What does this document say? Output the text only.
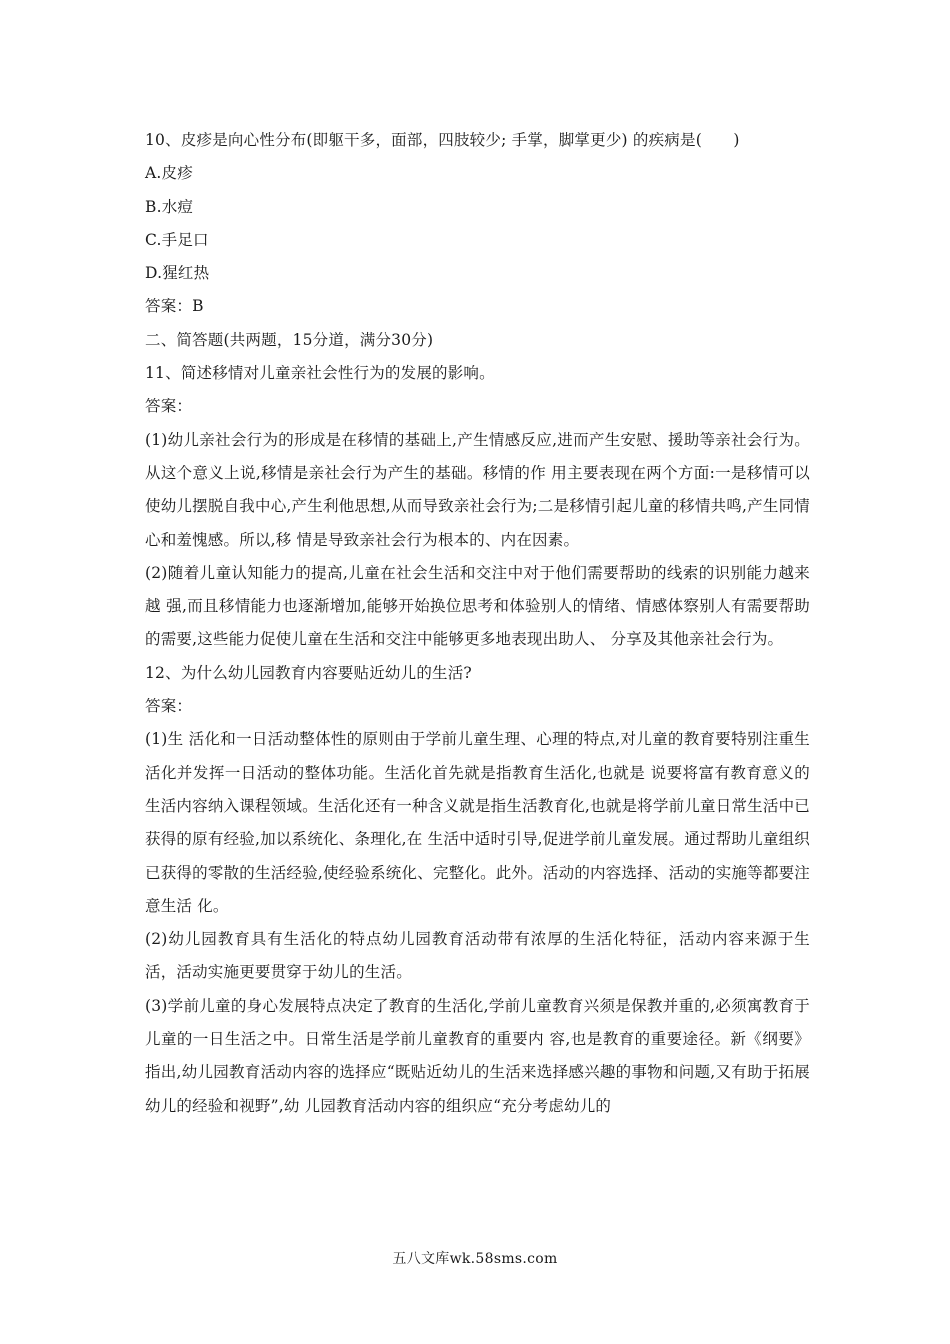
10、皮疹是向心性分布(即躯干多，面部，四肢较少; 手掌，脚掌更少) 的疾病是(　　)
A.皮疹
B.水痘
C.手足口
D.猩红热
答案：B
二、简答题(共两题，15分道，满分30分)
11、简述移情对儿童亲社会性行为的发展的影响。
答案：

(1)幼儿亲社会行为的形成是在移情的基础上,产生情感反应,进而产生安慰、援助等亲社会行为。从这个意义上说,移情是亲社会行为产生的基础。移情的作 用主要表现在两个方面:一是移情可以使幼儿摆脱自我中心,产生利他思想,从而导致亲社会行为;二是移情引起儿童的移情共鸣,产生同情心和羞愧感。所以,移 情是导致亲社会行为根本的、内在因素。

(2)随着儿童认知能力的提高,儿童在社会生活和交注中对于他们需要帮助的线索的识别能力越来越 强,而且移情能力也逐渐增加,能够开始换位思考和体验别人的情绪、情感体察别人有需要帮助的需要,这些能力促使儿童在生活和交注中能够更多地表现出助人、 分享及其他亲社会行为。

12、为什么幼儿园教育内容要贴近幼儿的生活?
答案：

(1)生 活化和一日活动整体性的原则由于学前儿童生理、心理的特点,对儿童的教育要特别注重生活化并发挥一日活动的整体功能。生活化首先就是指教育生活化,也就是 说要将富有教育意义的生活内容纳入课程领域。生活化还有一种含义就是指生活教育化,也就是将学前儿童日常生活中已获得的原有经验,加以系统化、条理化,在 生活中适时引导,促进学前儿童发展。通过帮助儿童组织已获得的零散的生活经验,使经验系统化、完整化。此外。活动的内容选择、活动的实施等都要注意生活 化。

(2)幼儿园教育具有生活化的特点幼儿园教育活动带有浓厚的生活化特征，活动内容来源于生活，活动实施更要贯穿于幼儿的生活。

(3)学前儿童的身心发展特点决定了教育的生活化,学前儿童教育兴须是保教并重的,必须寓教育于儿童的一日生活之中。日常生活是学前儿童教育的重要内 容,也是教育的重要途径。新《纲要》指出,幼儿园教育活动内容的选择应“既贴近幼儿的生活来选择感兴趣的事物和问题,又有助于拓展幼儿的经验和视野”,幼 儿园教育活动内容的组织应“充分考虑幼儿的

五八文库wk.58sms.com
